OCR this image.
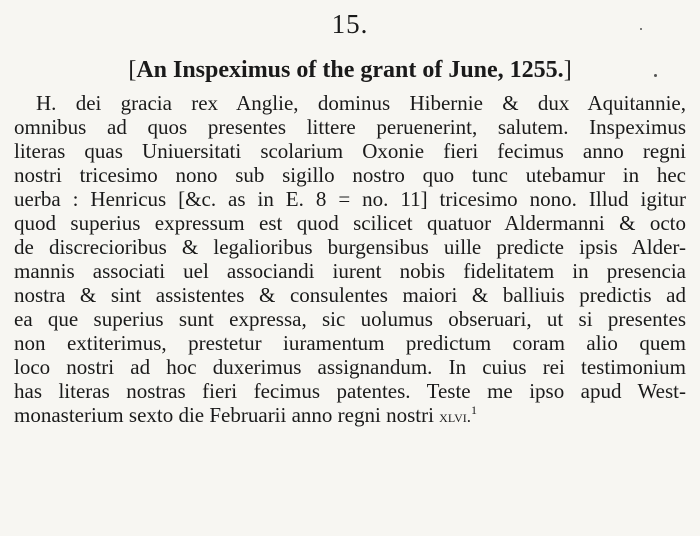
15.
[An Inspeximus of the grant of June, 1255.]
H. dei gracia rex Anglie, dominus Hibernie & dux Aquitannie,
omnibus ad quos presentes littere peruenerint, salutem. Inspeximus
literas quas Uniuersitati scolarium Oxonie fieri fecimus anno regni
nostri tricesimo nono sub sigillo nostro quo tunc utebamur in hec
uerba : Henricus [&c. as in E. 8 = no. 11] tricesimo nono. Illud igitur
quod superius expressum est quod scilicet quatuor Aldermanni & octo
de discrecioribus & legalioribus burgensibus uille predicte ipsis Alder-
mannis associati uel associandi iurent nobis fidelitatem in presencia
nostra & sint assistentes & consulentes maiori & balliuis predictis ad
ea que superius sunt expressa, sic uolumus obseruari, ut si presentes
non extiterimus, prestetur iuramentum predictum coram alio quem
loco nostri ad hoc duxerimus assignandum. In cuius rei testimonium
has literas nostras fieri fecimus patentes. Teste me ipso apud West-
monasterium sexto die Februarii anno regni nostri xlvi.$^1$
